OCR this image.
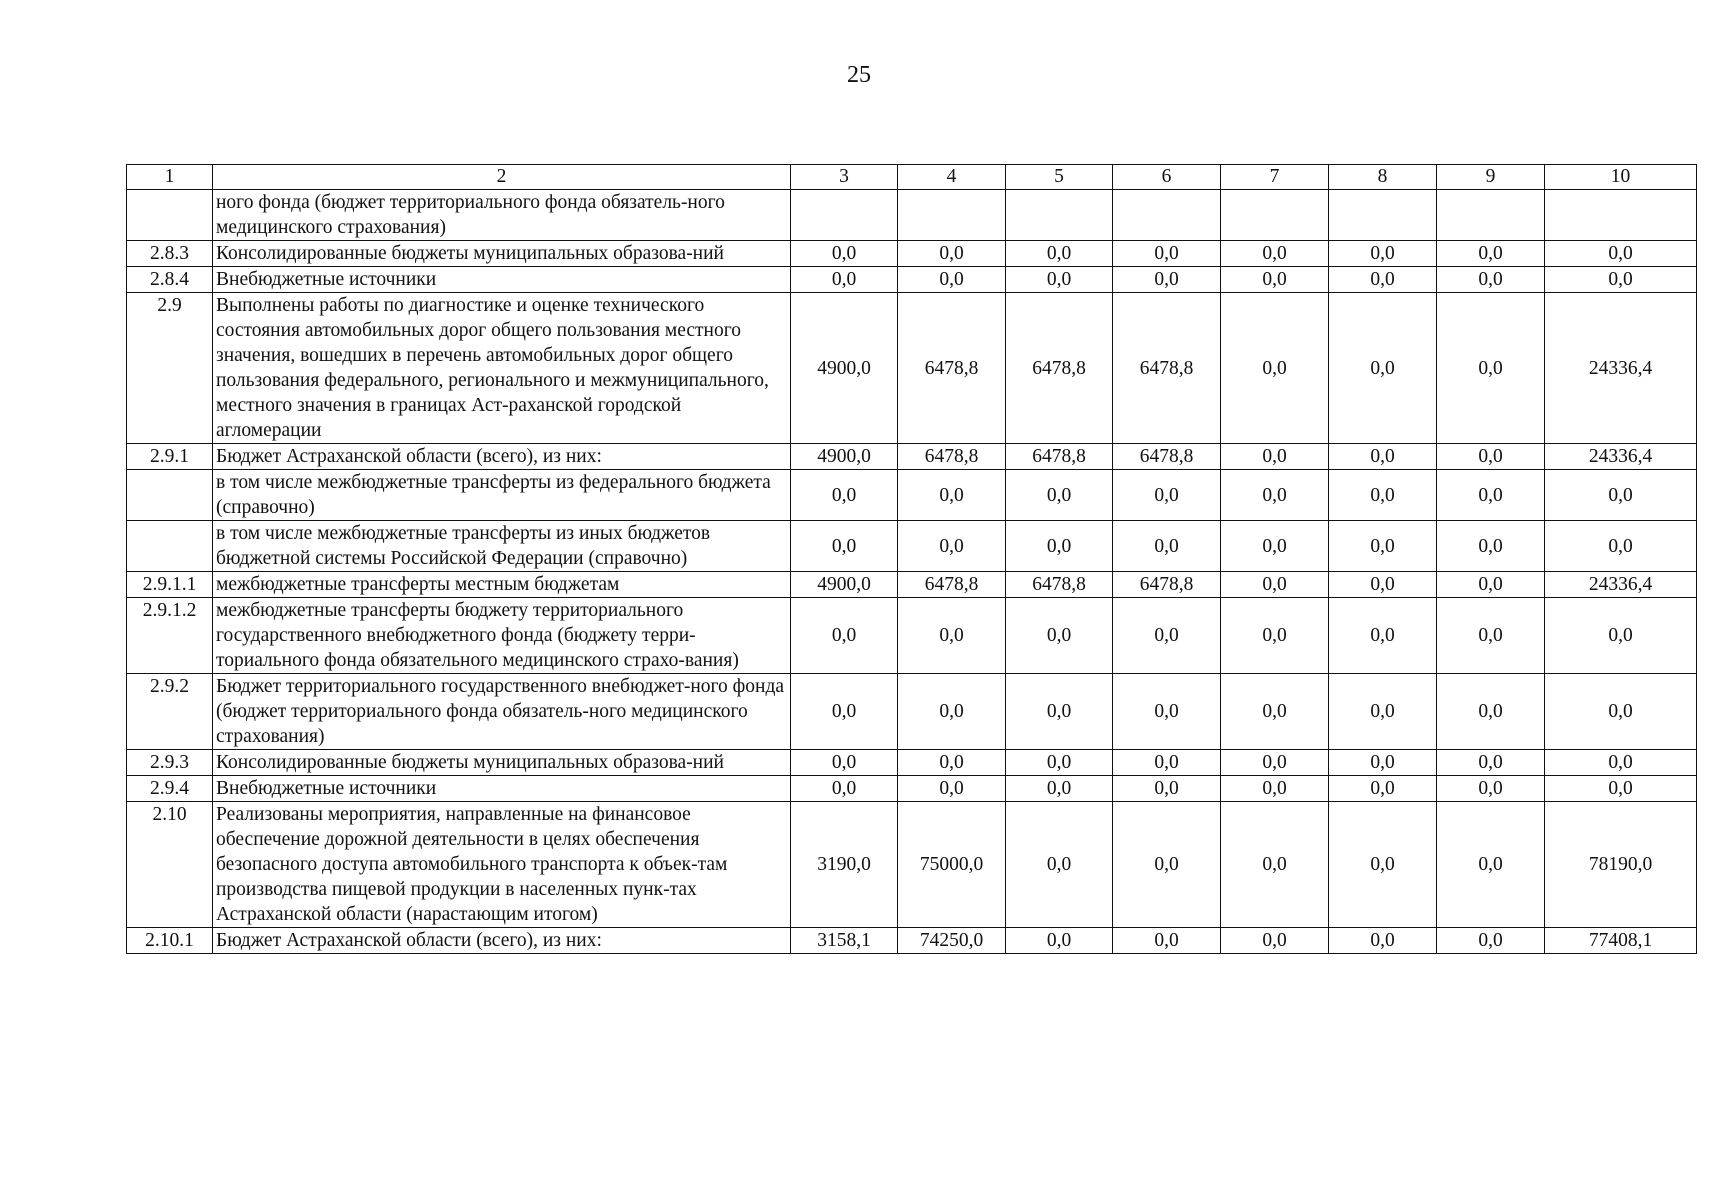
25
1	2	3	4	5	6	7	8	9	10
	ного фонда (бюджет территориального фонда обязатель-ного медицинского страхования)								
2.8.3	Консолидированные бюджеты муниципальных образова-ний	0,0	0,0	0,0	0,0	0,0	0,0	0,0	0,0
2.8.4	Внебюджетные источники	0,0	0,0	0,0	0,0	0,0	0,0	0,0	0,0
2.9	Выполнены работы по диагностике и оценке технического состояния автомобильных дорог общего пользования местного значения, вошедших в перечень автомобильных дорог общего пользования федерального, регионального и межмуниципального, местного значения в границах Аст-раханской городской агломерации	4900,0	6478,8	6478,8	6478,8	0,0	0,0	0,0	24336,4
2.9.1	Бюджет Астраханской области (всего), из них:	4900,0	6478,8	6478,8	6478,8	0,0	0,0	0,0	24336,4
	в том числе межбюджетные трансферты из федерального бюджета (справочно)	0,0	0,0	0,0	0,0	0,0	0,0	0,0	0,0
	в том числе межбюджетные трансферты из иных бюджетов бюджетной системы Российской Федерации (справочно)	0,0	0,0	0,0	0,0	0,0	0,0	0,0	0,0
2.9.1.1	межбюджетные трансферты местным бюджетам	4900,0	6478,8	6478,8	6478,8	0,0	0,0	0,0	24336,4
2.9.1.2	межбюджетные трансферты бюджету территориального государственного внебюджетного фонда (бюджету терри-ториального фонда обязательного медицинского страхо-вания)	0,0	0,0	0,0	0,0	0,0	0,0	0,0	0,0
2.9.2	Бюджет территориального государственного внебюджет-ного фонда (бюджет территориального фонда обязатель-ного медицинского страхования)	0,0	0,0	0,0	0,0	0,0	0,0	0,0	0,0
2.9.3	Консолидированные бюджеты муниципальных образова-ний	0,0	0,0	0,0	0,0	0,0	0,0	0,0	0,0
2.9.4	Внебюджетные источники	0,0	0,0	0,0	0,0	0,0	0,0	0,0	0,0
2.10	Реализованы мероприятия, направленные на финансовое обеспечение дорожной деятельности в целях обеспечения безопасного доступа автомобильного транспорта к объек-там производства пищевой продукции в населенных пунк-тах Астраханской области (нарастающим итогом)	3190,0	75000,0	0,0	0,0	0,0	0,0	0,0	78190,0
2.10.1	Бюджет Астраханской области (всего), из них:	3158,1	74250,0	0,0	0,0	0,0	0,0	0,0	77408,1
